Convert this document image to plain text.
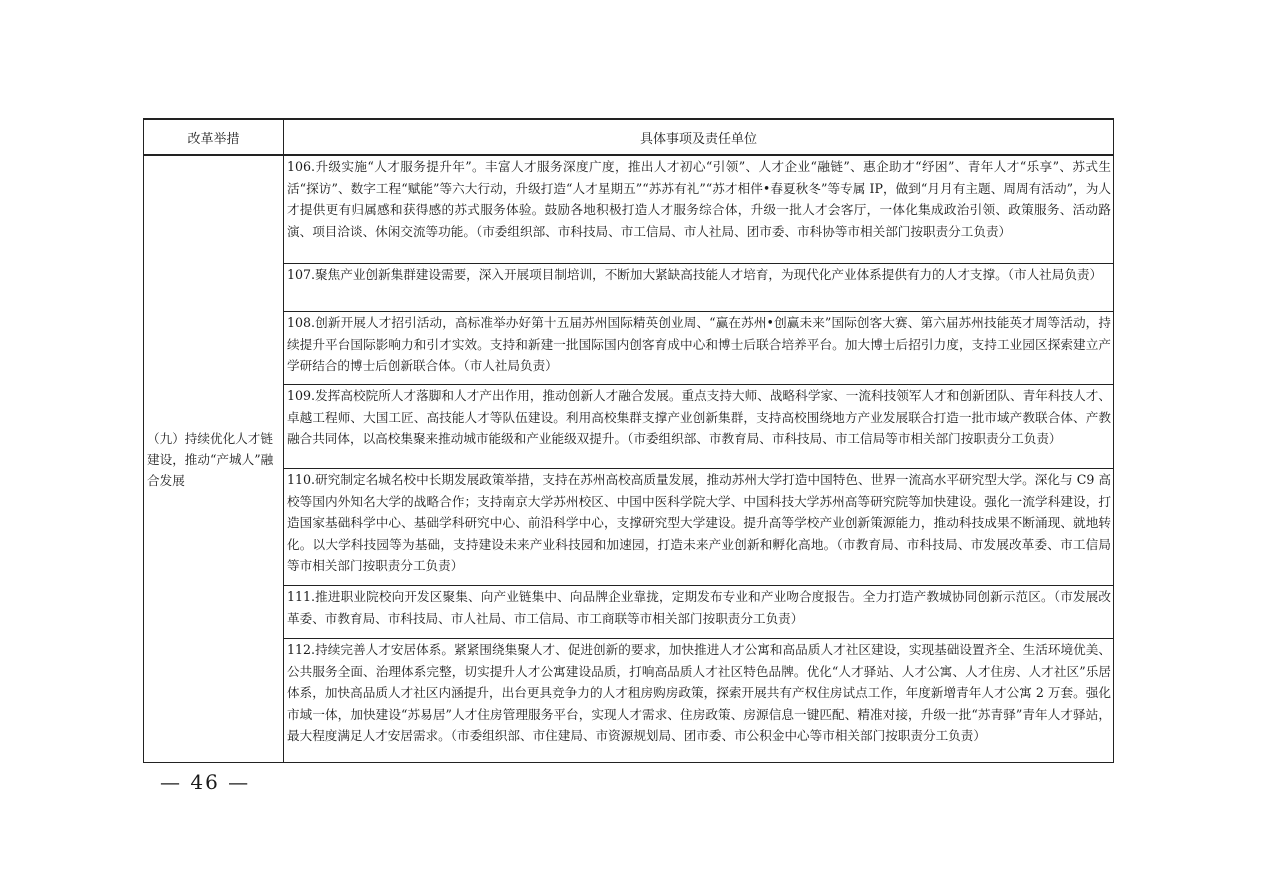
改革举措	具体事项及责任单位
（九）持续优化人才链建设，推动“产城人”融合发展	106.升级实施“人才服务提升年”。丰富人才服务深度广度，推出人才初心“引领”、人才企业“融链”、惠企助才“纾困”、青年人才“乐享”、苏式生活“探访”、数字工程“赋能”等六大行动，升级打造“人才星期五”“苏苏有礼”“苏才相伴•春夏秋冬”等专属 IP，做到“月月有主题、周周有活动”，为人才提供更有归属感和获得感的苏式服务体验。鼓励各地积极打造人才服务综合体，升级一批人才会客厅，一体化集成政治引领、政策服务、活动路演、项目洽谈、休闲交流等功能。（市委组织部、市科技局、市工信局、市人社局、团市委、市科协等市相关部门按职责分工负责）
	107.聚焦产业创新集群建设需要，深入开展项目制培训，不断加大紧缺高技能人才培育，为现代化产业体系提供有力的人才支撑。（市人社局负责）
	108.创新开展人才招引活动，高标准举办好第十五届苏州国际精英创业周、“赢在苏州•创赢未来”国际创客大赛、第六届苏州技能英才周等活动，持续提升平台国际影响力和引才实效。支持和新建一批国际国内创客育成中心和博士后联合培养平台。加大博士后招引力度，支持工业园区探索建立产学研结合的博士后创新联合体。（市人社局负责）
	109.发挥高校院所人才落脚和人才产出作用，推动创新人才融合发展。重点支持大师、战略科学家、一流科技领军人才和创新团队、青年科技人才、卓越工程师、大国工匠、高技能人才等队伍建设。利用高校集群支撑产业创新集群，支持高校围绕地方产业发展联合打造一批市域产教联合体、产教融合共同体，以高校集聚来推动城市能级和产业能级双提升。（市委组织部、市教育局、市科技局、市工信局等市相关部门按职责分工负责）
	110.研究制定名城名校中长期发展政策举措，支持在苏州高校高质量发展，推动苏州大学打造中国特色、世界一流高水平研究型大学。深化与 C9 高校等国内外知名大学的战略合作；支持南京大学苏州校区、中国中医科学院大学、中国科技大学苏州高等研究院等加快建设。强化一流学科建设，打造国家基础科学中心、基础学科研究中心、前沿科学中心，支撑研究型大学建设。提升高等学校产业创新策源能力，推动科技成果不断涌现、就地转化。以大学科技园等为基础，支持建设未来产业科技园和加速园，打造未来产业创新和孵化高地。（市教育局、市科技局、市发展改革委、市工信局等市相关部门按职责分工负责）
	111.推进职业院校向开发区聚集、向产业链集中、向品牌企业靠拢，定期发布专业和产业吻合度报告。全力打造产教城协同创新示范区。（市发展改革委、市教育局、市科技局、市人社局、市工信局、市工商联等市相关部门按职责分工负责）
	112.持续完善人才安居体系。紧紧围绕集聚人才、促进创新的要求，加快推进人才公寓和高品质人才社区建设，实现基础设置齐全、生活环境优美、公共服务全面、治理体系完整，切实提升人才公寓建设品质，打响高品质人才社区特色品牌。优化“人才驿站、人才公寓、人才住房、人才社区”乐居体系，加快高品质人才社区内涵提升，出台更具竞争力的人才租房购房政策，探索开展共有产权住房试点工作，年度新增青年人才公寓 2 万套。强化市域一体，加快建设“苏易居”人才住房管理服务平台，实现人才需求、住房政策、房源信息一键匹配、精准对接，升级一批“苏青驿”青年人才驿站，最大程度满足人才安居需求。（市委组织部、市住建局、市资源规划局、团市委、市公积金中心等市相关部门按职责分工负责）
— 46 —
